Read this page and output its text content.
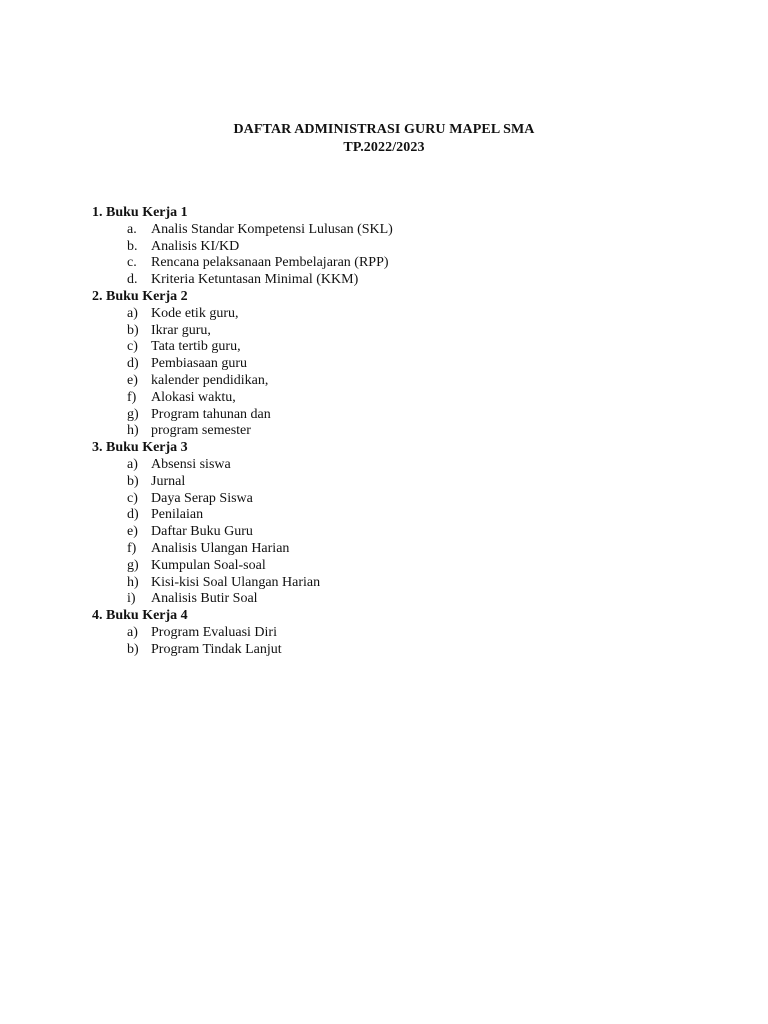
DAFTAR ADMINISTRASI GURU MAPEL SMA
TP.2022/2023
1. Buku Kerja 1
a.	Analis Standar Kompetensi Lulusan (SKL)
b. Analisis KI/KD
c.	Rencana pelaksanaan Pembelajaran (RPP)
d. Kriteria Ketuntasan Minimal (KKM)
2. Buku Kerja 2
a) Kode etik guru,
b) Ikrar guru,
c) Tata tertib guru,
d) Pembiasaan guru
e) kalender pendidikan,
f)	Alokasi waktu,
g) Program tahunan dan
h) program semester
3. Buku Kerja 3
a) Absensi siswa
b) Jurnal
c) Daya Serap Siswa
d) Penilaian
e) Daftar Buku Guru
f)	Analisis Ulangan Harian
g) Kumpulan Soal-soal
h) Kisi-kisi Soal Ulangan Harian
i)	Analisis Butir Soal
4. Buku Kerja 4
a) Program Evaluasi Diri
b) Program Tindak Lanjut
